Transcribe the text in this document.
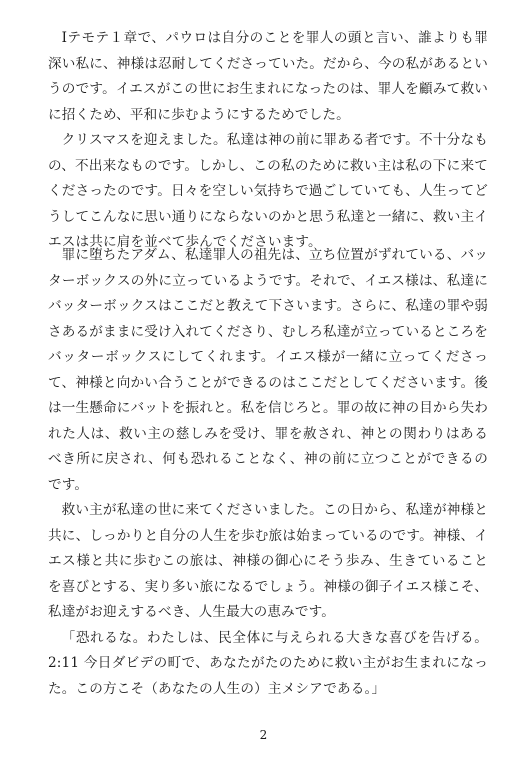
Ⅰテモテ１章で、パウロは自分のことを罪人の頭と言い、誰よりも罪深い私に、神様は忍耐してくださっていた。だから、今の私があるというのです。イエスがこの世にお生まれになったのは、罪人を顧みて救いに招くため、平和に歩むようにするためでした。

クリスマスを迎えました。私達は神の前に罪ある者です。不十分なもの、不出来なものです。しかし、この私のために救い主は私の下に来てくださったのです。日々を空しい気持ちで過ごしていても、人生ってどうしてこんなに思い通りにならないのかと思う私達と一緒に、救い主イエスは共に肩を並べて歩んでくださいます。

罪に堕ちたアダム、私達罪人の祖先は、立ち位置がずれている、バッターボックスの外に立っているようです。それで、イエス様は、私達にバッターボックスはここだと教えて下さいます。さらに、私達の罪や弱さあるがままに受け入れてくださり、むしろ私達が立っているところをバッターボックスにしてくれます。イエス様が一緒に立ってくださって、神様と向かい合うことができるのはここだとしてくださいます。後は一生懸命にバットを振れと。私を信じろと。罪の故に神の目から失われた人は、救い主の慈しみを受け、罪を赦され、神との関わりはあるべき所に戻され、何も恐れることなく、神の前に立つことができるのです。

救い主が私達の世に来てくださいました。この日から、私達が神様と共に、しっかりと自分の人生を歩む旅は始まっているのです。神様、イエス様と共に歩むこの旅は、神様の御心にそう歩み、生きていることを喜びとする、実り多い旅になるでしょう。神様の御子イエス様こそ、私達がお迎えするべき、人生最大の恵みです。

「恐れるな。わたしは、民全体に与えられる大きな喜びを告げる。 2:11 今日ダビデの町で、あなたがたのために救い主がお生まれになった。この方こそ（あなたの人生の）主メシアである。」

2
